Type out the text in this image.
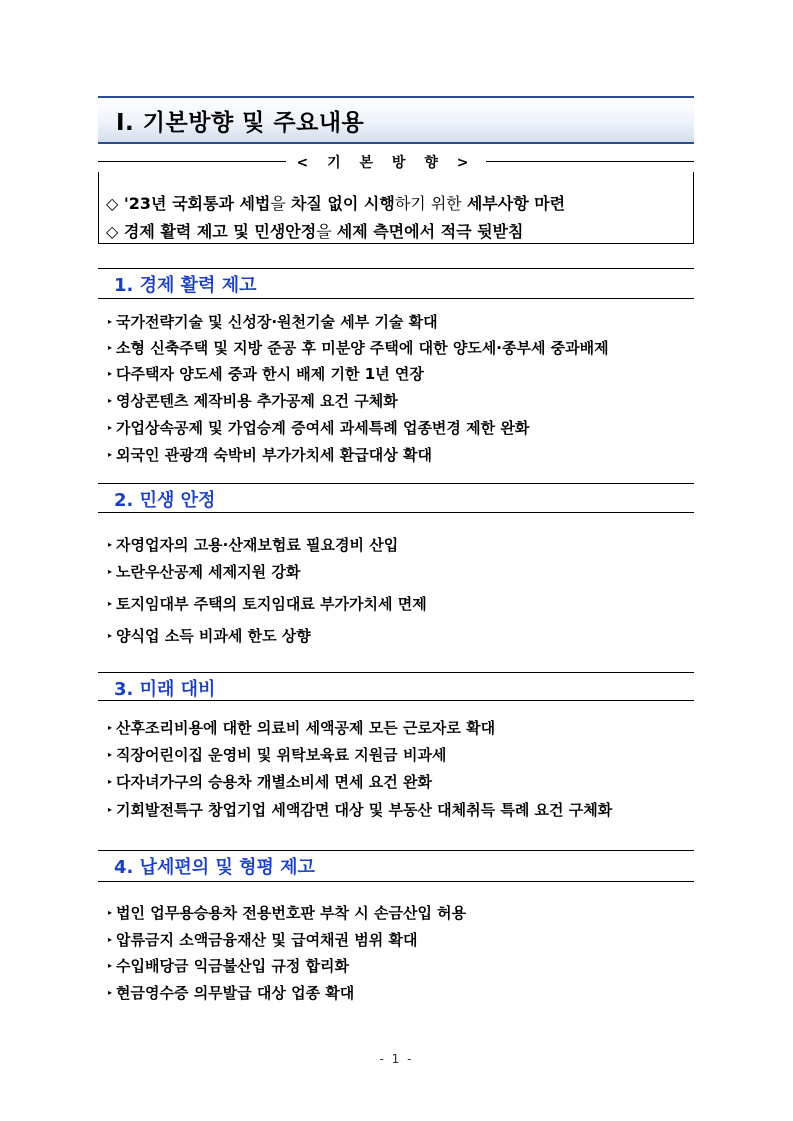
Ⅰ. 기본방향 및 주요내용
< 기 본 방 향 >
◇ '23년 국회통과 세법을 차질 없이 시행하기 위한 세부사항 마련
◇ 경제 활력 제고 및 민생안정을 세제 측면에서 적극 뒷받침
1. 경제 활력 제고
▸ 국가전략기술 및 신성장·원천기술 세부 기술 확대
▸ 소형 신축주택 및 지방 준공 후 미분양 주택에 대한 양도세·종부세 중과배제
▸ 다주택자 양도세 중과 한시 배제 기한 1년 연장
▸ 영상콘텐츠 제작비용 추가공제 요건 구체화
▸ 가업상속공제 및 가업승계 증여세 과세특례 업종변경 제한 완화
▸ 외국인 관광객 숙박비 부가가치세 환급대상 확대
2. 민생 안정
▸ 자영업자의 고용·산재보험료 필요경비 산입
▸ 노란우산공제 세제지원 강화
▸ 토지임대부 주택의 토지임대료 부가가치세 면제
▸ 양식업 소득 비과세 한도 상향
3. 미래 대비
▸ 산후조리비용에 대한 의료비 세액공제 모든 근로자로 확대
▸ 직장어린이집 운영비 및 위탁보육료 지원금 비과세
▸ 다자녀가구의 승용차 개별소비세 면세 요건 완화
▸ 기회발전특구 창업기업 세액감면 대상 및 부동산 대체취득 특례 요건 구체화
4. 납세편의 및 형평 제고
▸ 법인 업무용승용차 전용번호판 부착 시 손금산입 허용
▸ 압류금지 소액금융재산 및 급여채권 범위 확대
▸ 수입배당금 익금불산입 규정 합리화
▸ 현금영수증 의무발급 대상 업종 확대
- 1 -
